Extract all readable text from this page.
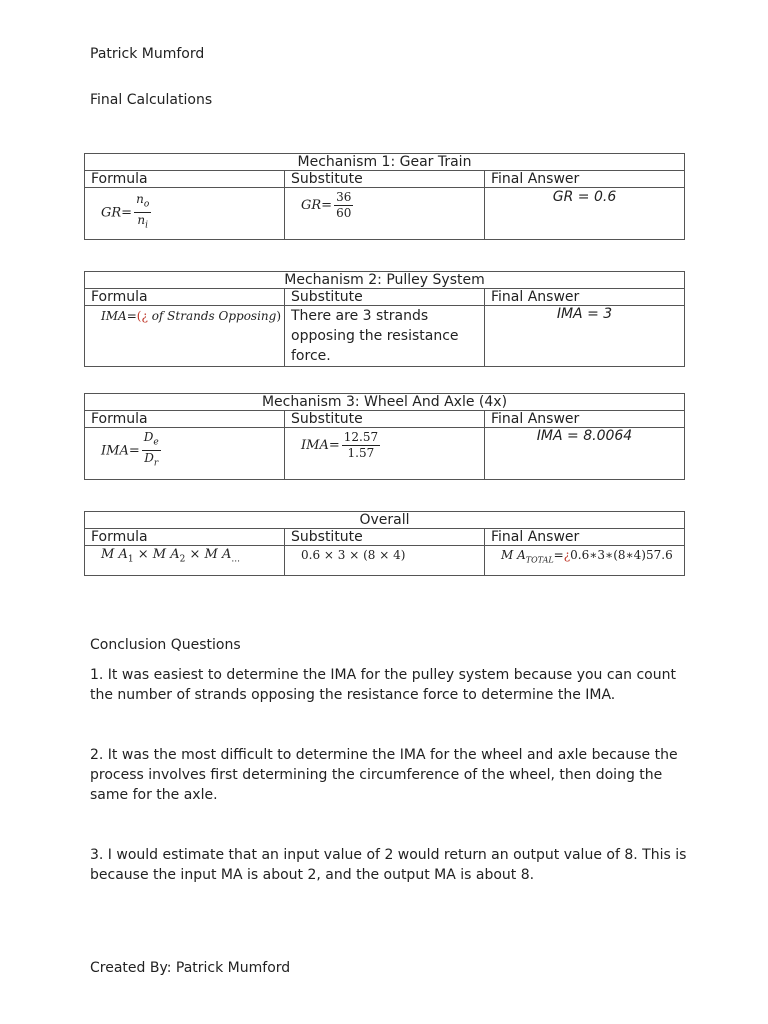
Patrick Mumford
Final Calculations
Mechanism 1: Gear Train		
Formula	Substitute	Final Answer

$GR= \frac{n_o}{n_i}$	$GR= \frac{36}{60}$	GR = 0.6
Mechanism 2: Pulley System		
Formula	Substitute	Final Answer

IMA=(¿ of Strands Opposing)	There are 3 strands opposing the resistance force.	IMA = 3
Mechanism 3: Wheel And Axle (4x)		
Formula	Substitute	Final Answer

$IMA= \frac{D_e}{D_r}$	$IMA= \frac{12.57}{1.57}$	IMA = 8.0064
Overall		
Formula	Substitute	Final Answer

M $A_1 \times M$ $A_2 \times M$ $A_{...}$	0.6 × 3 × (8 × 4)	M $A_{TOTAL}=¿0.6∗3∗(8∗4)57.6$
Conclusion Questions
1. It was easiest to determine the IMA for the pulley system because you can count the number of strands opposing the resistance force to determine the IMA.
2. It was the most difficult to determine the IMA for the wheel and axle because the process involves first determining the circumference of the wheel, then doing the same for the axle.
3. I would estimate that an input value of 2 would return an output value of 8. This is because the input MA is about 2, and the output MA is about 8.
Created By: Patrick Mumford
